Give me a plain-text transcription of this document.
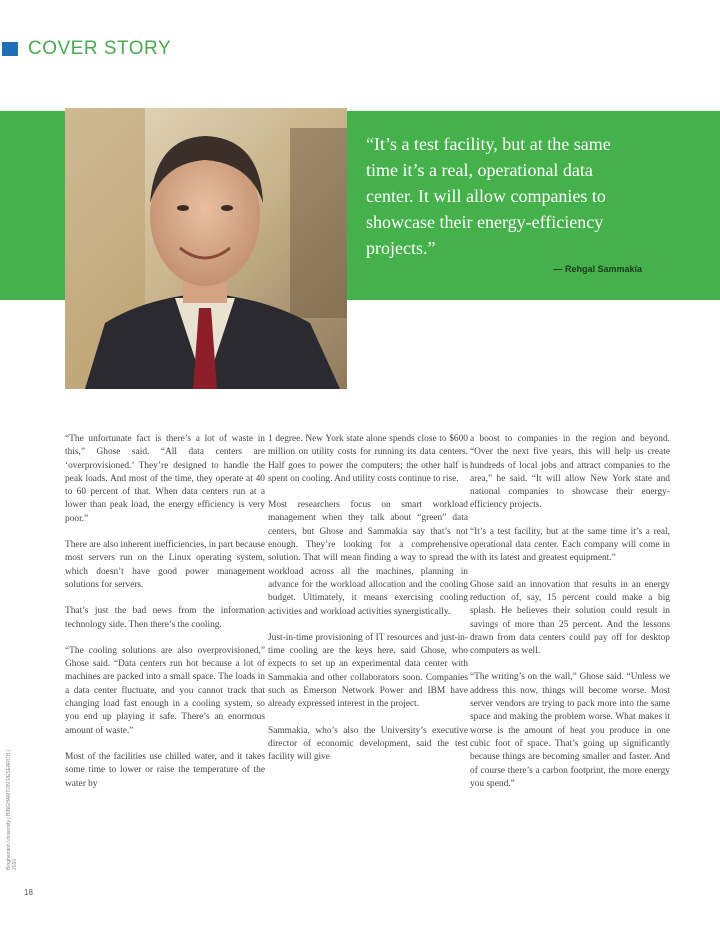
COVER STORY
“It’s a test facility, but at the same
time it’s a real, operational data
center. It will allow companies to
showcase their energy-efficiency
projects.”
— Rehgal Sammakia

“The unfortunate fact is there’s a lot of waste in this,” Ghose said. “All data centers are ‘overprovisioned.’ They’re designed to handle the peak loads. And most of the time, they operate at 40 to 60 percent of that. When data centers run at a lower than peak load, the energy efficiency is very poor.”

There are also inherent inefficiencies, in part because most servers run on the Linux operating system, which doesn’t have good power management solutions for servers.

That’s just the bad news from the information technology side. Then there’s the cooling.

“The cooling solutions are also overprovisioned,” Ghose said. “Data centers run hot because a lot of machines are packed into a small space. The loads in a data center fluctuate, and you cannot track that changing load fast enough in a cooling system, so you end up playing it safe. There’s an enormous amount of waste.”

Most of the facilities use chilled water, and it takes some time to lower or raise the temperature of the water by

1 degree. New York state alone spends close to $600 million on utility costs for running its data centers. Half goes to power the computers; the other half is spent on cooling. And utility costs continue to rise.

Most researchers focus on smart workload management when they talk about “green” data centers, but Ghose and Sammakia say that’s not enough. They’re looking for a comprehensive solution. That will mean finding a way to spread the workload across all the machines, planning in advance for the workload allocation and the cooling budget. Ultimately, it means exercising cooling activities and workload activities synergistically.

Just-in-time provisioning of IT resources and just-in-time cooling are the keys here, said Ghose, who expects to set up an experimental data center with Sammakia and other collaborators soon. Companies such as Emerson Network Power and IBM have already expressed interest in the project.

Sammakia, who’s also the University’s executive director of economic development, said the test facility will give

a boost to companies in the region and beyond. “Over the next five years, this will help us create hundreds of local jobs and attract companies to the area,” he said. “It will allow New York state and national companies to showcase their energy-efficiency projects.

“It’s a test facility, but at the same time it’s a real, operational data center. Each company will come in with its latest and greatest equipment.”

Ghose said an innovation that results in an energy reduction of, say, 15 percent could make a big splash. He believes their solution could result in savings of more than 25 percent. And the lessons drawn from data centers could pay off for desktop computers as well.

“The writing’s on the wall,” Ghose said. “Unless we address this now, things will become worse. Most server vendors are trying to pack more into the same space and making the problem worse. What makes it worse is the amount of heat you produce in one cubic foot of space. That’s going up significantly because things are becoming smaller and faster. And of course there’s a carbon footprint, the more energy you spend.”

Binghamton University | BINGHAMTON RESEARCH | 2010
18
